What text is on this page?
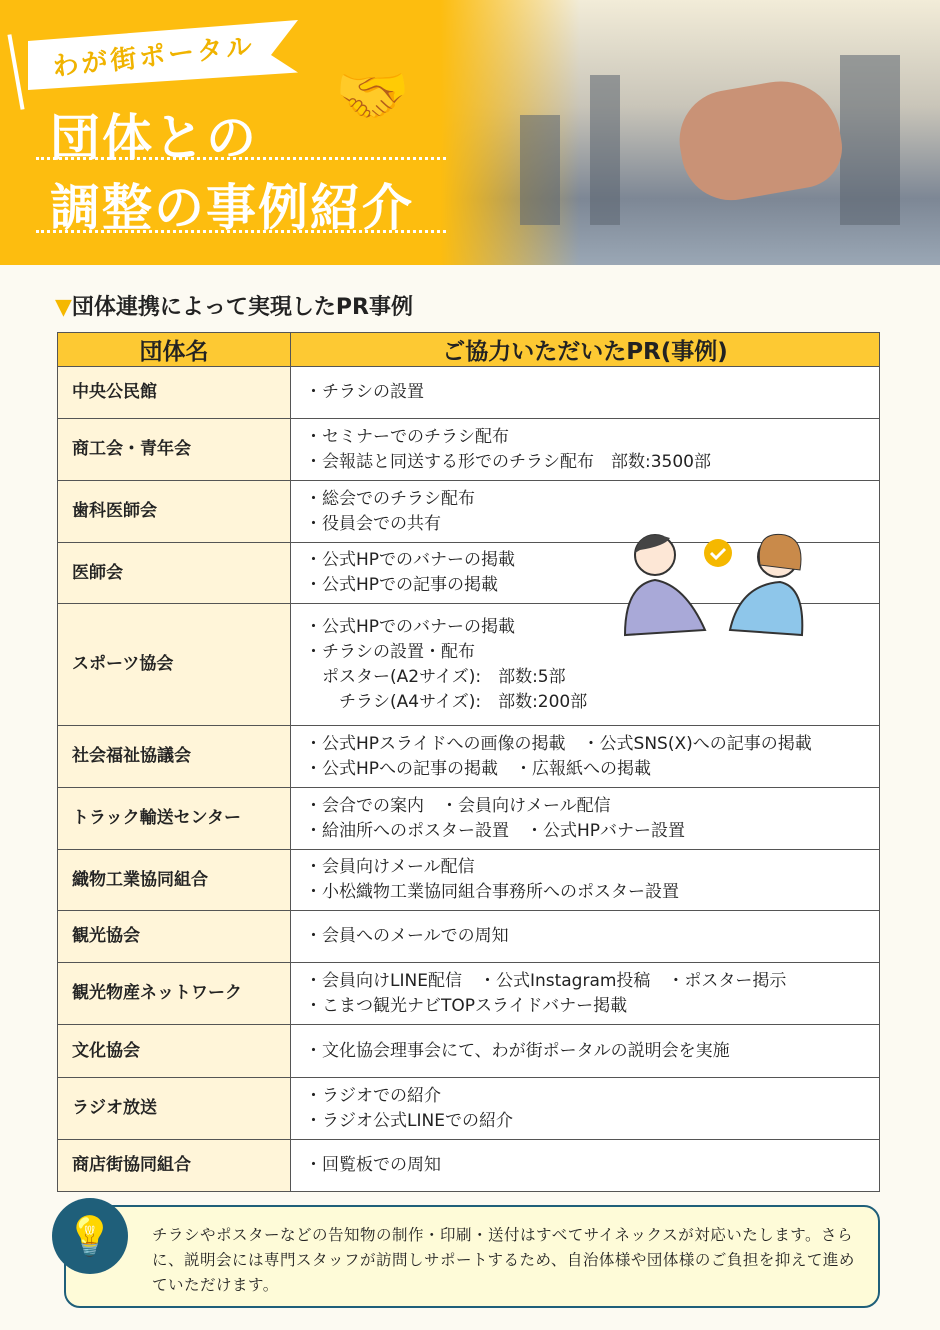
わが街ポータル
🤝
団体との
調整の事例紹介
▼団体連携によって実現したPR事例
団体名	ご協力いただいたPR(事例)
中央公民館	・チラシの設置

商工会・青年会	・セミナーでのチラシ配布
・会報誌と同送する形でのチラシ配布　部数:3500部

歯科医師会	・総会でのチラシ配布
・役員会での共有

医師会	・公式HPでのバナーの掲載
・公式HPでの記事の掲載

スポーツ協会	・公式HPでのバナーの掲載
・チラシの設置・配布
　ポスター(A2サイズ):　部数:5部
　　チラシ(A4サイズ):　部数:200部

社会福祉協議会	・公式HPスライドへの画像の掲載　・公式SNS(X)への記事の掲載
・公式HPへの記事の掲載　・広報紙への掲載

トラック輸送センター	・会合での案内　・会員向けメール配信
・給油所へのポスター設置　・公式HPバナー設置

織物工業協同組合	・会員向けメール配信
・小松織物工業協同組合事務所へのポスター設置

観光協会	・会員へのメールでの周知

観光物産ネットワーク	・会員向けLINE配信　・公式Instagram投稿　・ポスター掲示
・こまつ観光ナビTOPスライドバナー掲載

文化協会	・文化協会理事会にて、わが街ポータルの説明会を実施

ラジオ放送	・ラジオでの紹介
・ラジオ公式LINEでの紹介

商店街協同組合	・回覧板での周知
チラシやポスターなどの告知物の制作・印刷・送付はすべてサイネックスが対応いたします。さらに、説明会には専門スタッフが訪問しサポートするため、自治体様や団体様のご負担を抑えて進めていただけます。
💡
